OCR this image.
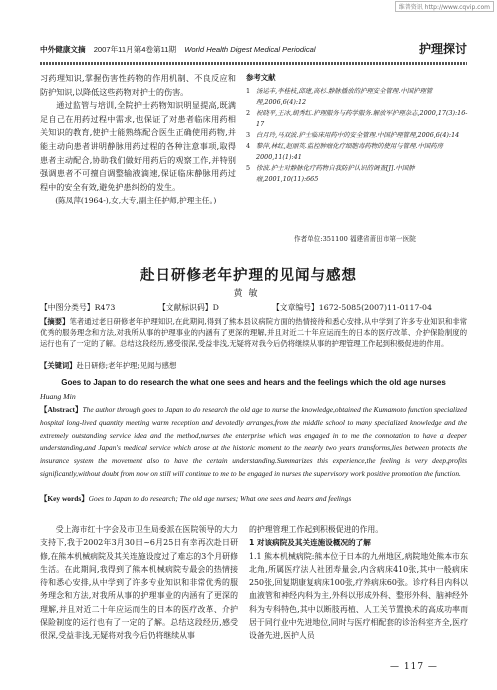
维普资讯 http://www.cqvip.com
中外健康文摘 2007年11月第4卷第11期 World Health Digest Medical Periodical	护理探讨

习药理知识,掌握伤害性药物的作用机制、不良反应和防护知识,以降低这些药物对护士的伤害。

通过监管与培训,全院护士药物知识明显提高,既满足自己在用药过程中需求,也保证了对患者临床用药相关知识的教育,使护士能熟练配合医生正确使用药物,并能主动向患者讲明静脉用药过程的各种注意事项,取得患者主动配合,协助我们做好用药后的观察工作,并特别强调患者不可擅自调整输液滴速,保证临床静脉用药过程中的安全有效,避免护患纠纷的发生。

(陈凤萍(1964-),女,大专,副主任护师,护理主任。)

参考文献
1 汤运丰,李桂枝,邱建,高杉.静脉播放的护理安全管理.中国护理管理,2006,6(4):12
2 祝晓平,王冰,胡秀红.护理服务与药学服务.解放军护理杂志,2000,17(3):16-17
3 白月玲,马双波.护士临床用药中的安全管理.中国护理管理,2006,6(4):14
4 黎萍,林红,赵丽英.监控肿瘤化疗细胞毒药物的使用与管理.中国药房2000,11(1):41
5 徐波.护士对静脉化疗药物自我防护认识的调查[J].中国肿瘤,2001,10(11):665
作者单位:351100 福建省莆田市第一医院
赴日研修老年护理的见闻与感想
黄敏
【中图分类号】R473	【文献标识码】D	【文章编号】1672-5085(2007)11-0117-04
【摘要】笔者通过老日研修老年护理知识,在此期间,得到了熊本县议病院方面的热情接待和悉心安排,从中学到了许多专业知识和非常优秀的服务理念和方法,对我所从事的护理事业的内涵有了更深的理解,并且对近二十年应运而生的日本的医疗改革、介护保险制度的运行也有了一定的了解。总结这段经历,感受很深,受益非浅,无疑将对我今后仍将继续从事的护理管理工作起到积极促进的作用。
【关键词】赴日研修;老年护理;见闻与感想
Goes to Japan to do research the what one sees and hears and the feelings which the old age nurses
Huang Min
【Abstract】The author through goes to Japan to do research the old age to nurse the knowledge,obtained the Kumamoto function specialized hospital long-lived quantity meeting warm reception and devotedly arranges,from the middle school to many specialized knowledge and the extremely outstanding service idea and the method,nurses the enterprise which was engaged in to me the connotation to have a deeper understanding,and Japan's medical service which arose at the historic moment to the nearly two years transforms,lies between protects the insurance system the movement also to have the certain understanding.Summarizes this experience,the feeling is very deep,profits significantly,without doubt from now on still will continue to me to be engaged in nurses the supervisory work positive promotion the function.
【Key words】Goes to Japan to do research; The old age nurses; What one sees and hears and feelings

受上海市红十字会及市卫生局委派在医院领导的大力支持下,我于2002年3月30日~6月25日有幸再次赴日研修,在熊本机械病院及其关连施设度过了难忘的3个月研修生活。在此期间,我得到了熊本机械病院专最会的热情接待和悉心安排,从中学到了许多专业知识和非常优秀的服务理念和方法,对我所从事的护理事业的内涵有了更深的理解,并且对近二十年应运而生的日本的医疗改革、介护保险制度的运行也有了一定的了解。总结这段经历,感受很深,受益非浅,无疑将对我今后仍将继续从事

的护理管理工作起到积极促进的作用。

1 对该病院及其关连施设概况的了解

1.1 熊本机械病院:熊本位于日本的九州地区,病院地处熊本市东北角,所属医疗法人社团寿量会,内含病床410张,其中一般病床250张,回复期康复病床100张,疗养病床60张。诊疗科目内科以血液管和神经内科为主,外科以形成外科、整形外科、脑神经外科为专科特色,其中以断肢再植、人工关节置换术的高成功率而居于同行业中先进地位,同时与医疗相配套的诊治科室齐全,医疗设备先进,医护人员

— 117 —
